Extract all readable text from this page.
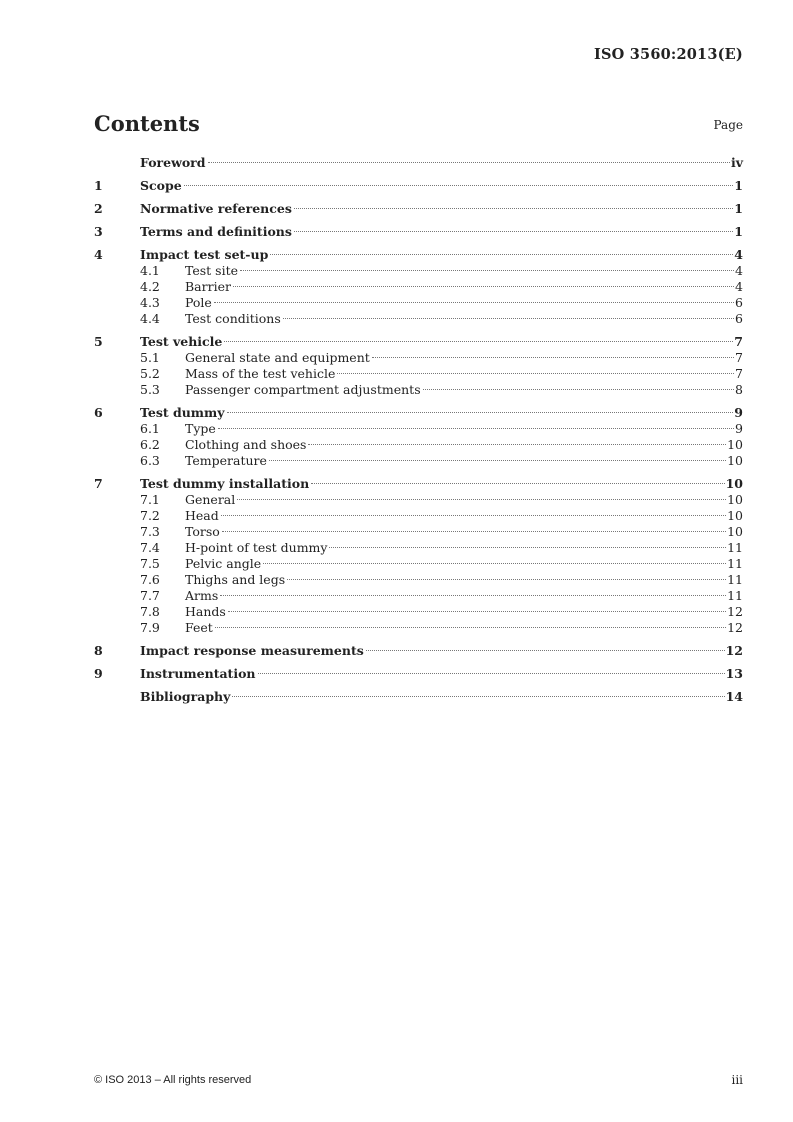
ISO 3560:2013(E)
Contents	Page
Foreword	iv
1	Scope	1
2	Normative references	1
3	Terms and definitions	1
4	Impact test set-up	4
4.1	Test site	4
4.2	Barrier	4
4.3	Pole	6
4.4	Test conditions	6
5	Test vehicle	7
5.1	General state and equipment	7
5.2	Mass of the test vehicle	7
5.3	Passenger compartment adjustments	8
6	Test dummy	9
6.1	Type	9
6.2	Clothing and shoes	10
6.3	Temperature	10
7	Test dummy installation	10
7.1	General	10
7.2	Head	10
7.3	Torso	10
7.4	H-point of test dummy	11
7.5	Pelvic angle	11
7.6	Thighs and legs	11
7.7	Arms	11
7.8	Hands	12
7.9	Feet	12
8	Impact response measurements	12
9	Instrumentation	13
Bibliography	14
© ISO 2013 – All rights reserved	iii
